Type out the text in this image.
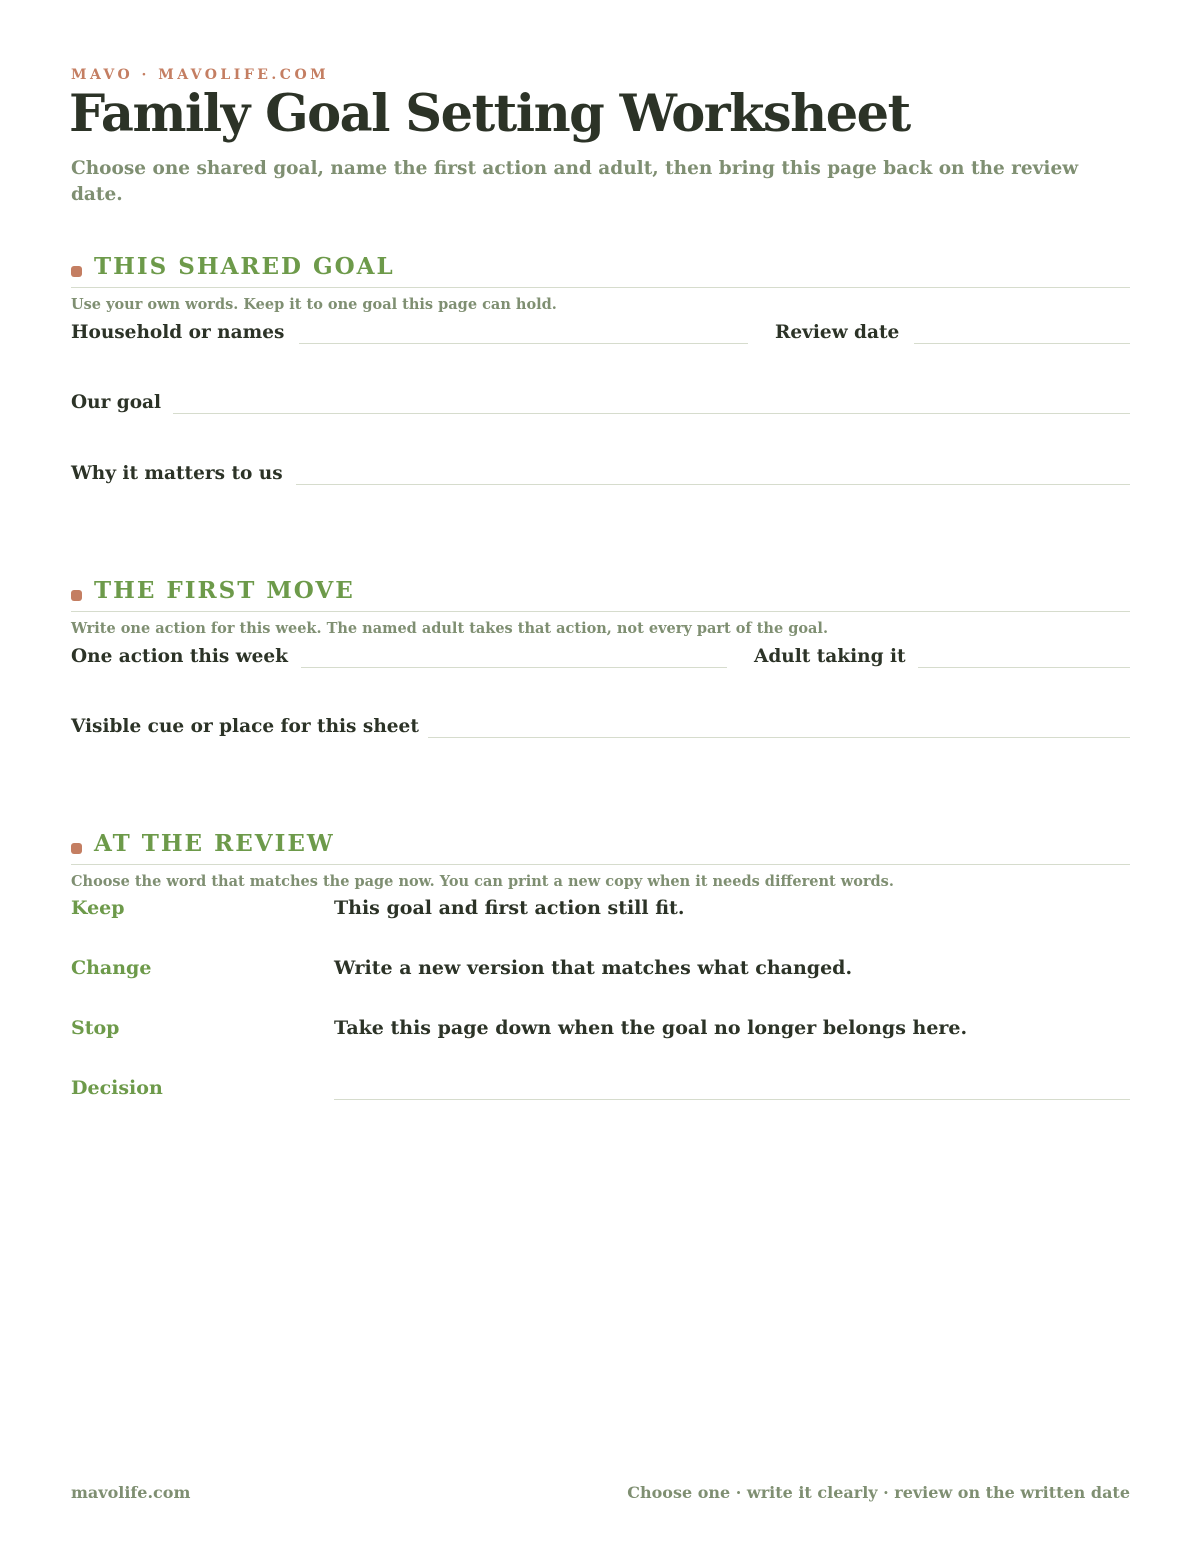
MAVO · MAVOLIFE.COM
Family Goal Setting Worksheet
Choose one shared goal, name the first action and adult, then bring this page back on the review date.
THIS SHARED GOAL
Use your own words. Keep it to one goal this page can hold.
Household or names	Review date
Our goal
Why it matters to us
THE FIRST MOVE
Write one action for this week. The named adult takes that action, not every part of the goal.
One action this week	Adult taking it
Visible cue or place for this sheet
AT THE REVIEW
Choose the word that matches the page now. You can print a new copy when it needs different words.
Keep	This goal and first action still fit.
Change	Write a new version that matches what changed.
Stop	Take this page down when the goal no longer belongs here.
Decision
mavolife.com	Choose one · write it clearly · review on the written date
